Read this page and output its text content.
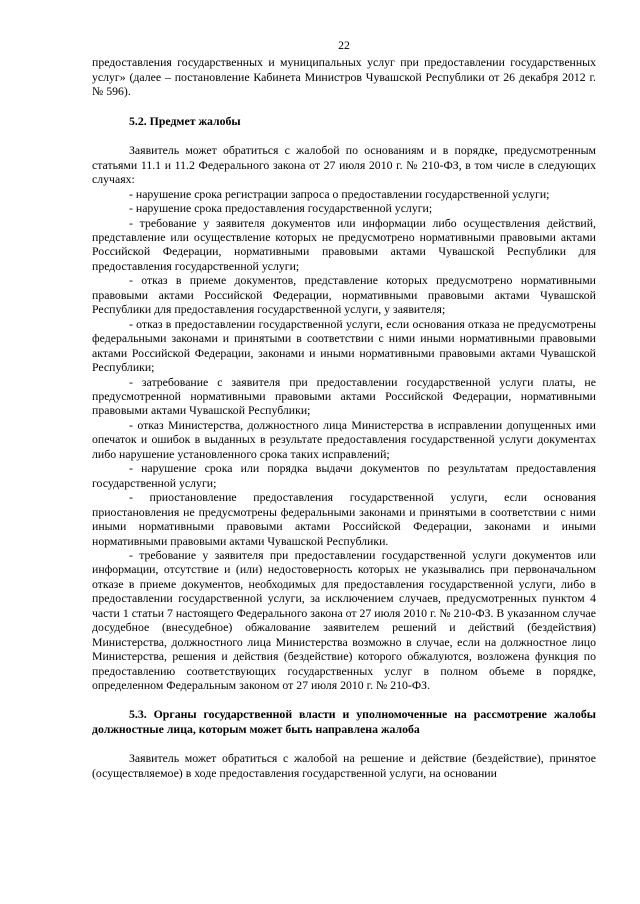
22

предоставления государственных и муниципальных услуг при предоставлении государственных услуг» (далее – постановление Кабинета Министров Чувашской Республики от 26 декабря 2012 г. № 596).

5.2. Предмет жалобы

Заявитель может обратиться с жалобой по основаниям и в порядке, предусмотренным статьями 11.1 и 11.2 Федерального закона от 27 июля 2010 г. № 210-ФЗ, в том числе в следующих случаях:

- нарушение срока регистрации запроса о предоставлении государственной услуги;

- нарушение срока предоставления государственной услуги;

- требование у заявителя документов или информации либо осуществления действий, представление или осуществление которых не предусмотрено нормативными правовыми актами Российской Федерации, нормативными правовыми актами Чувашской Республики для предоставления государственной услуги;

- отказ в приеме документов, представление которых предусмотрено нормативными правовыми актами Российской Федерации, нормативными правовыми актами Чувашской Республики для предоставления государственной услуги, у заявителя;

- отказ в предоставлении государственной услуги, если основания отказа не предусмотрены федеральными законами и принятыми в соответствии с ними иными нормативными правовыми актами Российской Федерации, законами и иными нормативными правовыми актами Чувашской Республики;

- затребование с заявителя при предоставлении государственной услуги платы, не предусмотренной нормативными правовыми актами Российской Федерации, нормативными правовыми актами Чувашской Республики;

- отказ Министерства, должностного лица Министерства в исправлении допущенных ими опечаток и ошибок в выданных в результате предоставления государственной услуги документах либо нарушение установленного срока таких исправлений;

- нарушение срока или порядка выдачи документов по результатам предоставления государственной услуги;

- приостановление предоставления государственной услуги, если основания приостановления не предусмотрены федеральными законами и принятыми в соответствии с ними иными нормативными правовыми актами Российской Федерации, законами и иными нормативными правовыми актами Чувашской Республики.

- требование у заявителя при предоставлении государственной услуги документов или информации, отсутствие и (или) недостоверность которых не указывались при первоначальном отказе в приеме документов, необходимых для предоставления государственной услуги, либо в предоставлении государственной услуги, за исключением случаев, предусмотренных пунктом 4 части 1 статьи 7 настоящего Федерального закона от 27 июля 2010 г. № 210-ФЗ. В указанном случае досудебное (внесудебное) обжалование заявителем решений и действий (бездействия) Министерства, должностного лица Министерства возможно в случае, если на должностное лицо Министерства, решения и действия (бездействие) которого обжалуются, возложена функция по предоставлению соответствующих государственных услуг в полном объеме в порядке, определенном Федеральным законом от 27 июля 2010 г. № 210-ФЗ.

5.3. Органы государственной власти и уполномоченные на рассмотрение жалобы должностные лица, которым может быть направлена жалоба

Заявитель может обратиться с жалобой на решение и действие (бездействие), принятое (осуществляемое) в ходе предоставления государственной услуги, на основании
